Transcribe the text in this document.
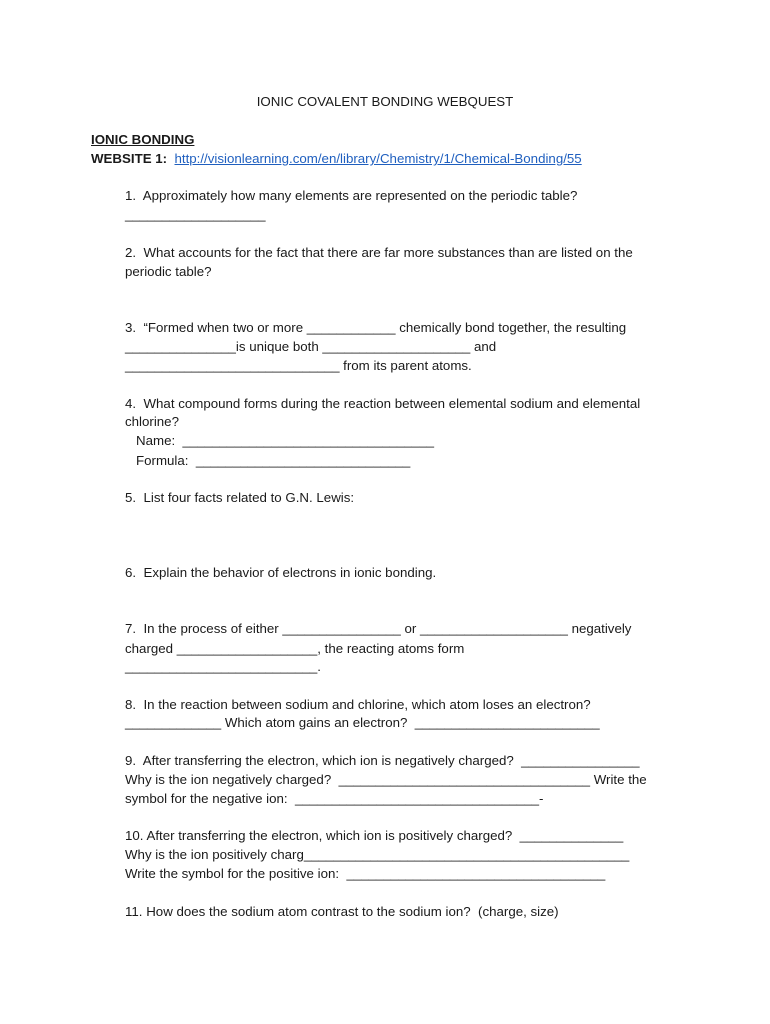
IONIC COVALENT BONDING WEBQUEST
IONIC BONDING
WEBSITE 1: http://visionlearning.com/en/library/Chemistry/1/Chemical-Bonding/55
1.  Approximately how many elements are represented on the periodic table?
___________________
2.  What accounts for the fact that there are far more substances than are listed on the
periodic table?
3.  “Formed when two or more ____________ chemically bond together, the resulting
_______________is unique both ____________________ and
_____________________________ from its parent atoms.
4.  What compound forms during the reaction between elemental sodium and elemental
chlorine?
Name:  __________________________________
Formula:  _____________________________
5.  List four facts related to G.N. Lewis:
6.  Explain the behavior of electrons in ionic bonding.
7.  In the process of either ________________ or ____________________ negatively
charged ___________________, the reacting atoms form
__________________________.
8.  In the reaction between sodium and chlorine, which atom loses an electron?
_____________ Which atom gains an electron?  _________________________
9.  After transferring the electron, which ion is negatively charged?  ________________
Why is the ion negatively charged?  __________________________________ Write the
symbol for the negative ion:  _________________________________-
10. After transferring the electron, which ion is positively charged?  ______________
Why is the ion positively charg____________________________________________
Write the symbol for the positive ion:  ___________________________________
11. How does the sodium atom contrast to the sodium ion?  (charge, size)
